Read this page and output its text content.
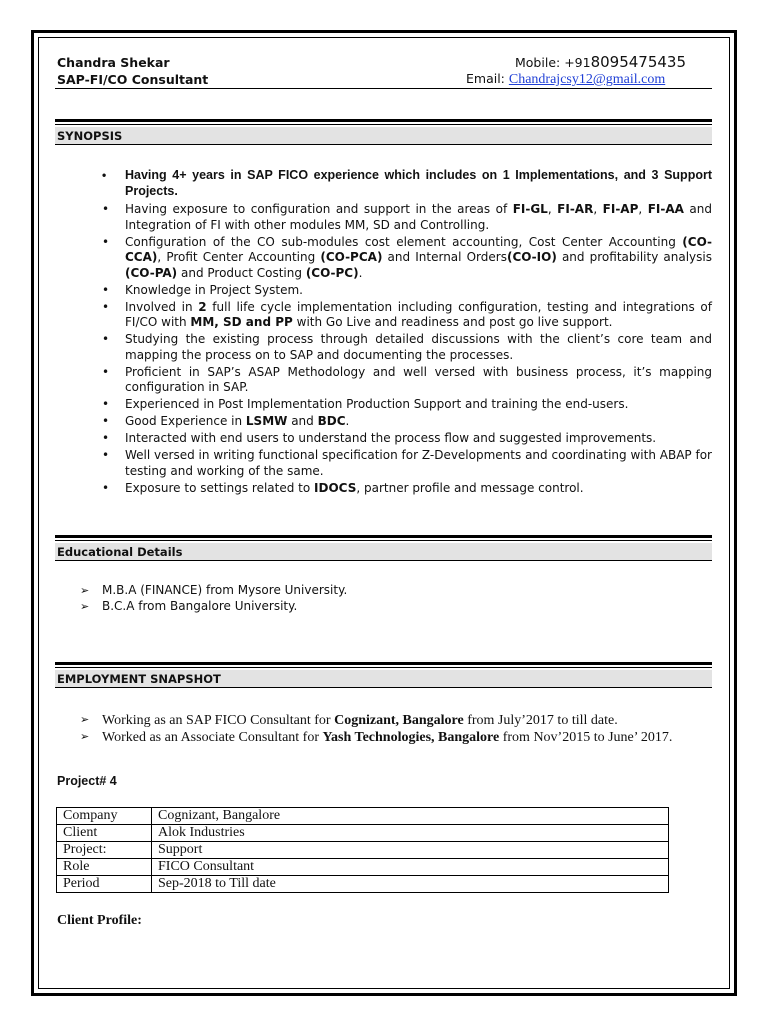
Chandra Shekar
SAP-FI/CO Consultant
Mobile: +918095475435
Email: Chandrajcsy12@gmail.com
SYNOPSIS
• Having 4+ years in SAP FICO experience which includes on 1 Implementations, and 3 Support Projects.
• Having exposure to configuration and support in the areas of FI-GL, FI-AR, FI-AP, FI-AA and Integration of FI with other modules MM, SD and Controlling.
• Configuration of the CO sub-modules cost element accounting, Cost Center Accounting (CO-CCA), Profit Center Accounting (CO-PCA) and Internal Orders(CO-IO) and profitability analysis (CO-PA) and Product Costing (CO-PC).
• Knowledge in Project System.
• Involved in 2 full life cycle implementation including configuration, testing and integrations of FI/CO with MM, SD and PP with Go Live and readiness and post go live support.
• Studying the existing process through detailed discussions with the client’s core team and mapping the process on to SAP and documenting the processes.
• Proficient in SAP’s ASAP Methodology and well versed with business process, it’s mapping configuration in SAP.
• Experienced in Post Implementation Production Support and training the end-users.
• Good Experience in LSMW and BDC.
• Interacted with end users to understand the process flow and suggested improvements.
• Well versed in writing functional specification for Z-Developments and coordinating with ABAP for testing and working of the same.
• Exposure to settings related to IDOCS, partner profile and message control.
Educational Details
➢ M.B.A (FINANCE) from Mysore University.
➢ B.C.A from Bangalore University.
EMPLOYMENT SNAPSHOT
➢ Working as an SAP FICO Consultant for Cognizant, Bangalore from July’2017 to till date.
➢ Worked as an Associate Consultant for Yash Technologies, Bangalore from Nov’2015 to June’ 2017.
Project# 4
Company	Cognizant, Bangalore
Client	Alok Industries
Project:	Support
Role	FICO Consultant
Period	Sep-2018 to Till date
Client Profile:
